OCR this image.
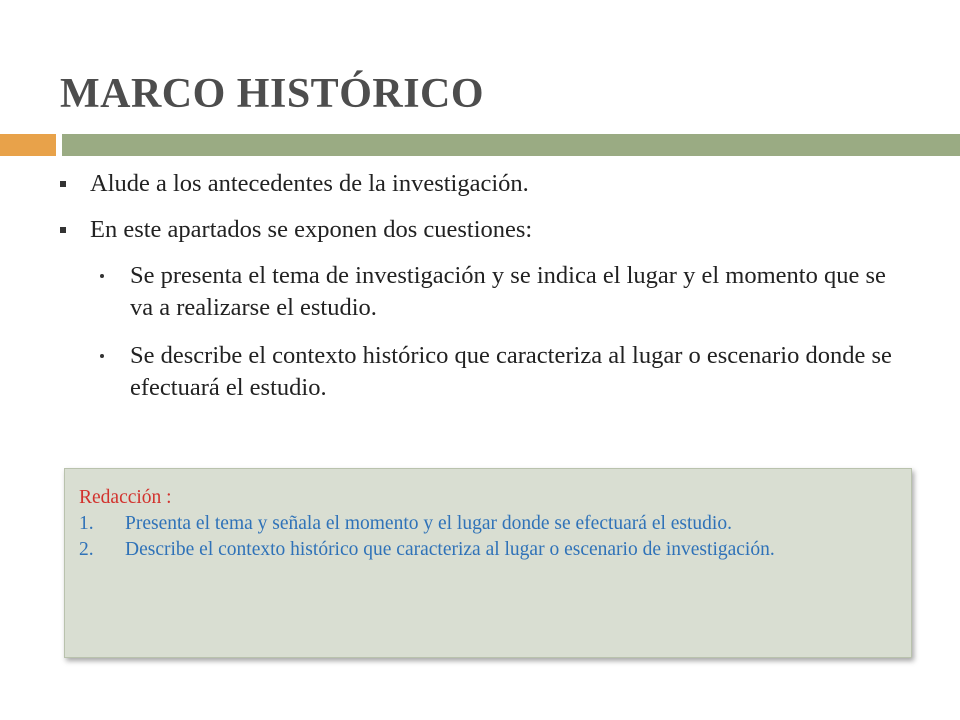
MARCO HISTÓRICO
Alude a los antecedentes de la investigación.
En este apartados se exponen dos cuestiones:
Se presenta el tema de investigación y se indica el lugar y el momento que se va a realizarse el estudio.
Se describe el contexto histórico que caracteriza al lugar o escenario donde se efectuará el estudio.
Redacción :
1. Presenta el tema y señala el momento y el lugar donde se efectuará el estudio.
2. Describe el contexto histórico que caracteriza al lugar o escenario de investigación.
